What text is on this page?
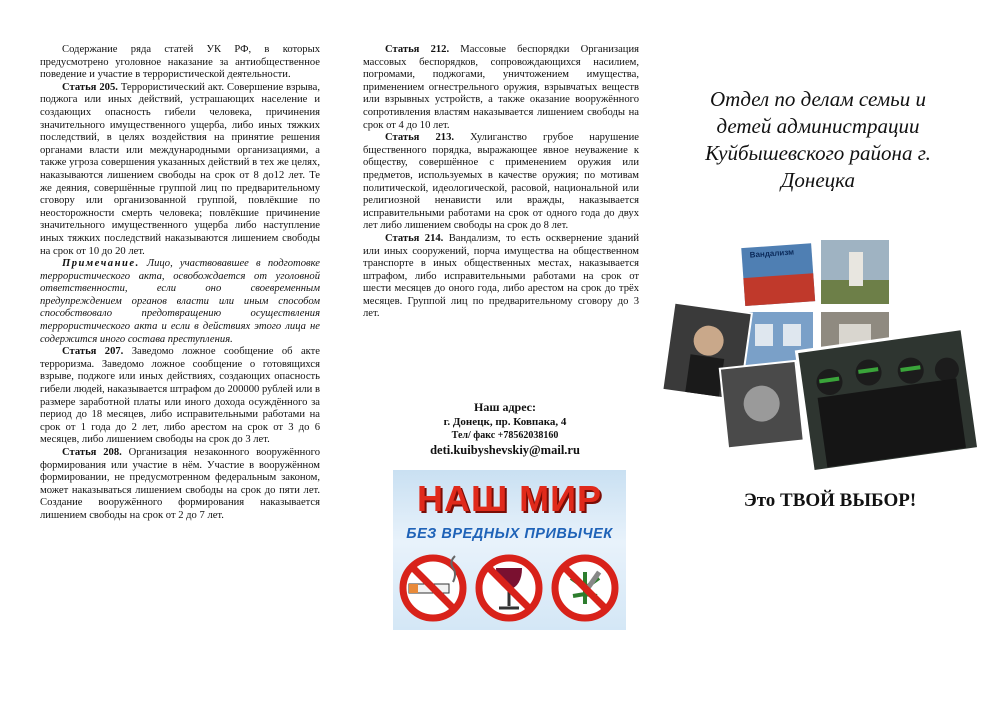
Содержание ряда статей УК РФ, в которых предусмотрено уголовное наказание за антиобщественное поведение и участие в террористической деятельности.

Статья 205. Террористический акт. Совершение взрыва, поджога или иных действий, устрашающих население и создающих опасность гибели человека, причинения значительного имущественного ущерба, либо иных тяжких последствий, в целях воздействия на принятие решения органами власти или международными организациями, а также угроза совершения указанных действий в тех же целях, наказываются лишением свободы на срок от 8 до12 лет. Те же деяния, совершённые группой лиц по предварительному сговору или организованной группой, повлёкшие по неосторожности смерть человека; повлёкшие причинение значительного имущественного ущерба либо наступление иных тяжких последствий наказываются лишением свободы на срок от 10 до 20 лет.

Примечание. Лицо, участвовавшее в подготовке террористического акта, освобождается от уголовной ответственности, если оно своевременным предупреждением органов власти или иным способом способствовало предотвращению осуществления террористического акта и если в действиях этого лица не содержится иного состава преступления.

Статья 207. Заведомо ложное сообщение об акте терроризма. Заведомо ложное сообщение о готовящихся взрыве, поджоге или иных действиях, создающих опасность гибели людей, наказывается штрафом до 200000 рублей или в размере заработной платы или иного дохода осуждённого за период до 18 месяцев, либо исправительными работами на срок от 1 года до 2 лет, либо арестом на срок от 3 до 6 месяцев, либо лишением свободы на срок до 3 лет.

Статья 208. Организация незаконного вооружённого формирования или участие в нём. Участие в вооружённом формировании, не предусмотренном федеральным законом, может наказываться лишением свободы на срок до пяти лет. Создание вооружённого формирования наказывается лишением свободы на срок от 2 до 7 лет.

Статья 212. Массовые беспорядки Организация массовых беспорядков, сопровождающихся насилием, погромами, поджогами, уничтожением имущества, применением огнестрельного оружия, взрывчатых веществ или взрывных устройств, а также оказание вооружённого сопротивления властям наказывается лишением свободы на срок от 4 до 10 лет.

Статья 213. Хулиганство грубое нарушение бщественного порядка, выражающее явное неуважение к обществу, совершённое с применением оружия или предметов, используемых в качестве оружия; по мотивам политической, идеологической, расовой, национальной или религиозной ненависти или вражды, наказывается исправительными работами на срок от одного года до двух лет либо лишением свободы на срок до 8 лет.

Статья 214. Вандализм, то есть осквернение зданий или иных сооружений, порча имущества на общественном транспорте в иных общественных местах, наказывается штрафом, либо исправительными работами на срок от шести месяцев до оного года, либо арестом на срок до трёх месяцев. Группой лиц по предварительному сговору до 3 лет.

Наш адрес:
г. Донецк, пр. Ковпака, 4
Тел/ факс +78562038160
deti.kuibyshevskiy@mail.ru
НАШ МИР
БЕЗ ВРЕДНЫХ ПРИВЫЧЕК
Отдел по делам семьи и детей администрации Куйбышевского района г. Донецка
Вандализм
Это ТВОЙ ВЫБОР!
